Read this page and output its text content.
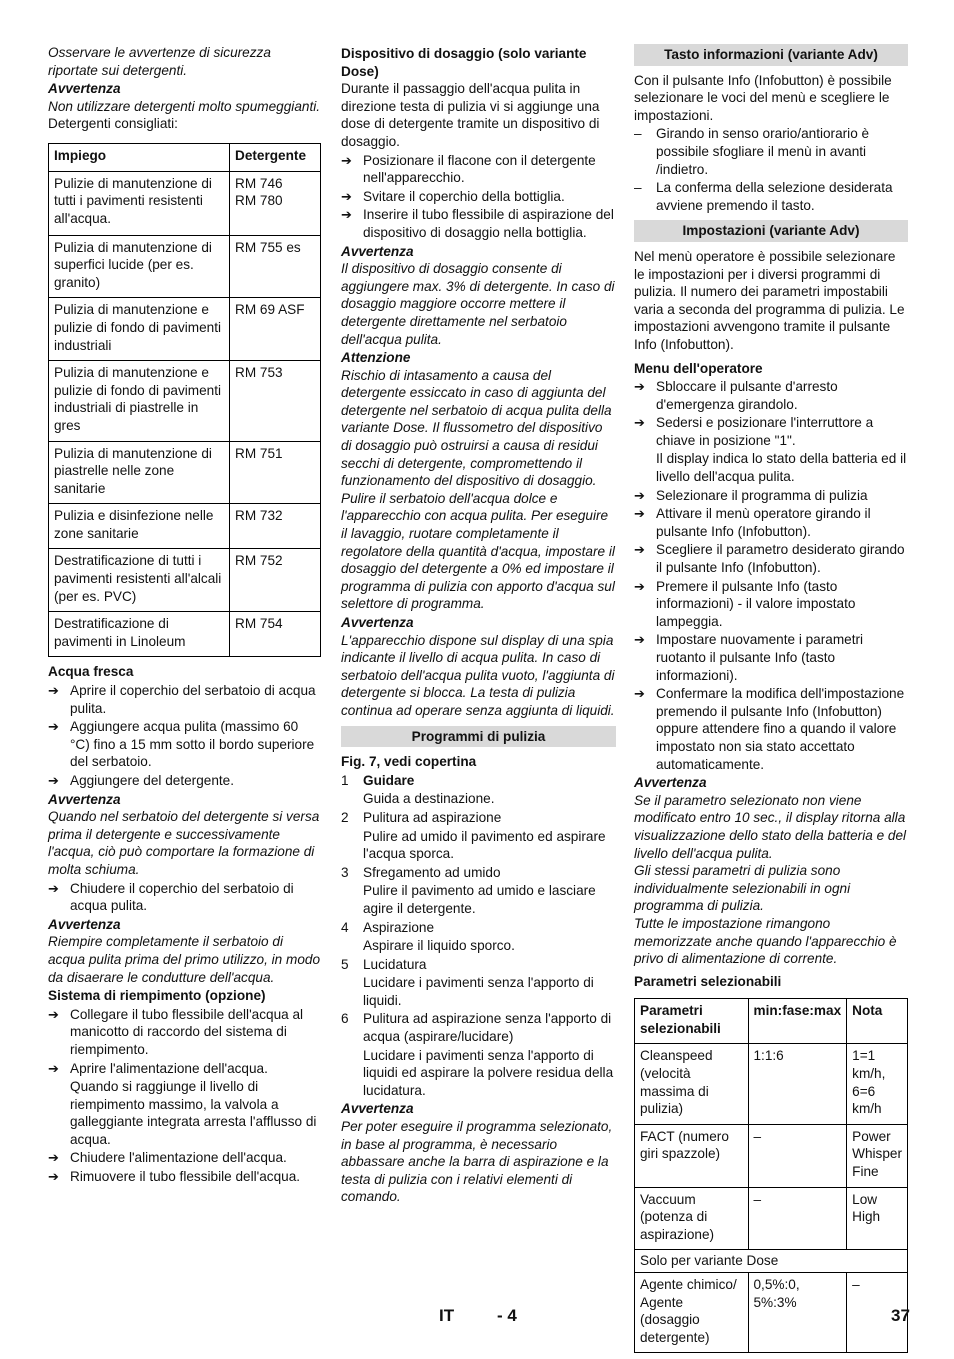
Osservare le avvertenze di sicurezza riportate sui detergenti.

Avvertenza

Non utilizzare detergenti molto spumeggianti.

Detergenti consigliati:

Impiego	Detergente
Pulizie di manutenzione di tutti i pavimenti resistenti all'acqua.	RM 746
RM 780
Pulizia di manutenzione di superfici lucide (per es. granito)	RM 755 es
Pulizia di manutenzione e pulizie di fondo di pavimenti industriali	RM 69 ASF
Pulizia di manutenzione e pulizie di fondo di pavimenti industriali di piastrelle in gres	RM 753
Pulizia di manutenzione di piastrelle nelle zone sanitarie	RM 751
Pulizia e disinfezione nelle zone sanitarie	RM 732
Destratificazione di tutti i pavimenti resistenti all'alcali (per es. PVC)	RM 752
Destratificazione di pavimenti in Linoleum	RM 754

Acqua fresca

➔ Aprire il coperchio del serbatoio di acqua pulita.

➔ Aggiungere acqua pulita (massimo 60 °C) fino a 15 mm sotto il bordo superiore del serbatoio.

➔ Aggiungere del detergente.

Avvertenza

Quando nel serbatoio del detergente si versa prima il detergente e successivamente l'acqua, ciò può comportare la formazione di molta schiuma.

➔ Chiudere il coperchio del serbatoio di acqua pulita.

Avvertenza

Riempire completamente il serbatoio di acqua pulita prima del primo utilizzo, in modo da disaerare le condutture dell'acqua.

Sistema di riempimento (opzione)

➔ Collegare il tubo flessibile dell'acqua al manicotto di raccordo del sistema di riempimento.

➔ Aprire l'alimentazione dell'acqua.

Quando si raggiunge il livello di riempimento massimo, la valvola a galleggiante integrata arresta l'afflusso di acqua.

➔ Chiudere l'alimentazione dell'acqua.

➔ Rimuovere il tubo flessibile dell'acqua.

Dispositivo di dosaggio (solo variante Dose)

Durante il passaggio dell'acqua pulita in direzione testa di pulizia vi si aggiunge una dose di detergente tramite un dispositivo di dosaggio.

➔ Posizionare il flacone con il detergente nell'apparecchio.

➔ Svitare il coperchio della bottiglia.

➔ Inserire il tubo flessibile di aspirazione del dispositivo di dosaggio nella bottiglia.

Avvertenza

Il dispositivo di dosaggio consente di aggiungere max. 3% di detergente. In caso di dosaggio maggiore occorre mettere il detergente direttamente nel serbatoio dell'acqua pulita.

Attenzione

Rischio di intasamento a causa del detergente essiccato in caso di aggiunta del detergente nel serbatoio di acqua pulita della variante Dose. Il flussometro del dispositivo di dosaggio può ostruirsi a causa di residui secchi di detergente, compromettendo il funzionamento del dispositivo di dosaggio. Pulire il serbatoio dell'acqua dolce e l'apparecchio con acqua pulita. Per eseguire il lavaggio, ruotare completamente il regolatore della quantità d'acqua, impostare il dosaggio del detergente a 0% ed impostare il programma di pulizia con apporto d'acqua sul selettore di programma.

Avvertenza

L'apparecchio dispone sul display di una spia indicante il livello di acqua pulita. In caso di serbatoio dell'acqua pulita vuoto, l'aggiunta di detergente si blocca. La testa di pulizia continua ad operare senza aggiunta di liquidi.

Programmi di pulizia

Fig. 7, vedi copertina

1 Guidare

Guida a destinazione.

2 Pulitura ad aspirazione

Pulire ad umido il pavimento ed aspirare l'acqua sporca.

3 Sfregamento ad umido

Pulire il pavimento ad umido e lasciare agire il detergente.

4 Aspirazione

Aspirare il liquido sporco.

5 Lucidatura

Lucidare i pavimenti senza l'apporto di liquidi.

6 Pulitura ad aspirazione senza l'apporto di acqua (aspirare/lucidare)

Lucidare i pavimenti senza l'apporto di liquidi ed aspirare la polvere residua della lucidatura.

Avvertenza

Per poter eseguire il programma selezionato, in base al programma, è necessario abbassare anche la barra di aspirazione e la testa di pulizia con i relativi elementi di comando.

Tasto informazioni (variante Adv)

Con il pulsante Info (Infobutton) è possibile selezionare le voci del menù e scegliere le impostazioni.

– Girando in senso orario/antiorario è possibile sfogliare il menù in avanti /indietro.

– La conferma della selezione desiderata avviene premendo il tasto.

Impostazioni (variante Adv)

Nel menù operatore è possibile selezionare le impostazioni per i diversi programmi di pulizia. Il numero dei parametri impostabili varia a seconda del programma di pulizia. Le impostazioni avvengono tramite il pulsante Info (Infobutton).

Menu dell'operatore

➔ Sbloccare il pulsante d'arresto d'emergenza girandolo.

➔ Sedersi e posizionare l'interruttore a chiave in posizione "1".

Il display indica lo stato della batteria ed il livello dell'acqua pulita.

➔ Selezionare il programma di pulizia

➔ Attivare il menù operatore girando il pulsante Info (Infobutton).

➔ Scegliere il parametro desiderato girando il pulsante Info (Infobutton).

➔ Premere il pulsante Info (tasto informazioni) - il valore impostato lampeggia.

➔ Impostare nuovamente i parametri ruotanto il pulsante Info (tasto informazioni).

➔ Confermare la modifica dell'impostazione premendo il pulsante Info (Infobutton) oppure attendere fino a quando il valore impostato non sia stato accettato automaticamente.

Avvertenza

Se il parametro selezionato non viene modificato entro 10 sec., il display ritorna alla visualizzazione dello stato della batteria e del livello dell'acqua pulita.

Gli stessi parametri di pulizia sono individualmente selezionabili in ogni programma di pulizia.

Tutte le impostazione rimangono memorizzate anche quando l'apparecchio è privo di alimentazione di corrente.

Parametri selezionabili

Parametri selezionabili	min:fase:max	Nota
Cleanspeed (velocità massima di pulizia)	1:1:6	1=1 km/h, 6=6 km/h
FACT (numero giri spazzole)	–	Power
Whisper
Fine
Vaccuum (potenza di aspirazione)	–	Low
High
Solo per variante Dose		
Agente chimico/ Agente (dosaggio detergente)	0,5%:0, 5%:3%	–
IT	- 4	37
